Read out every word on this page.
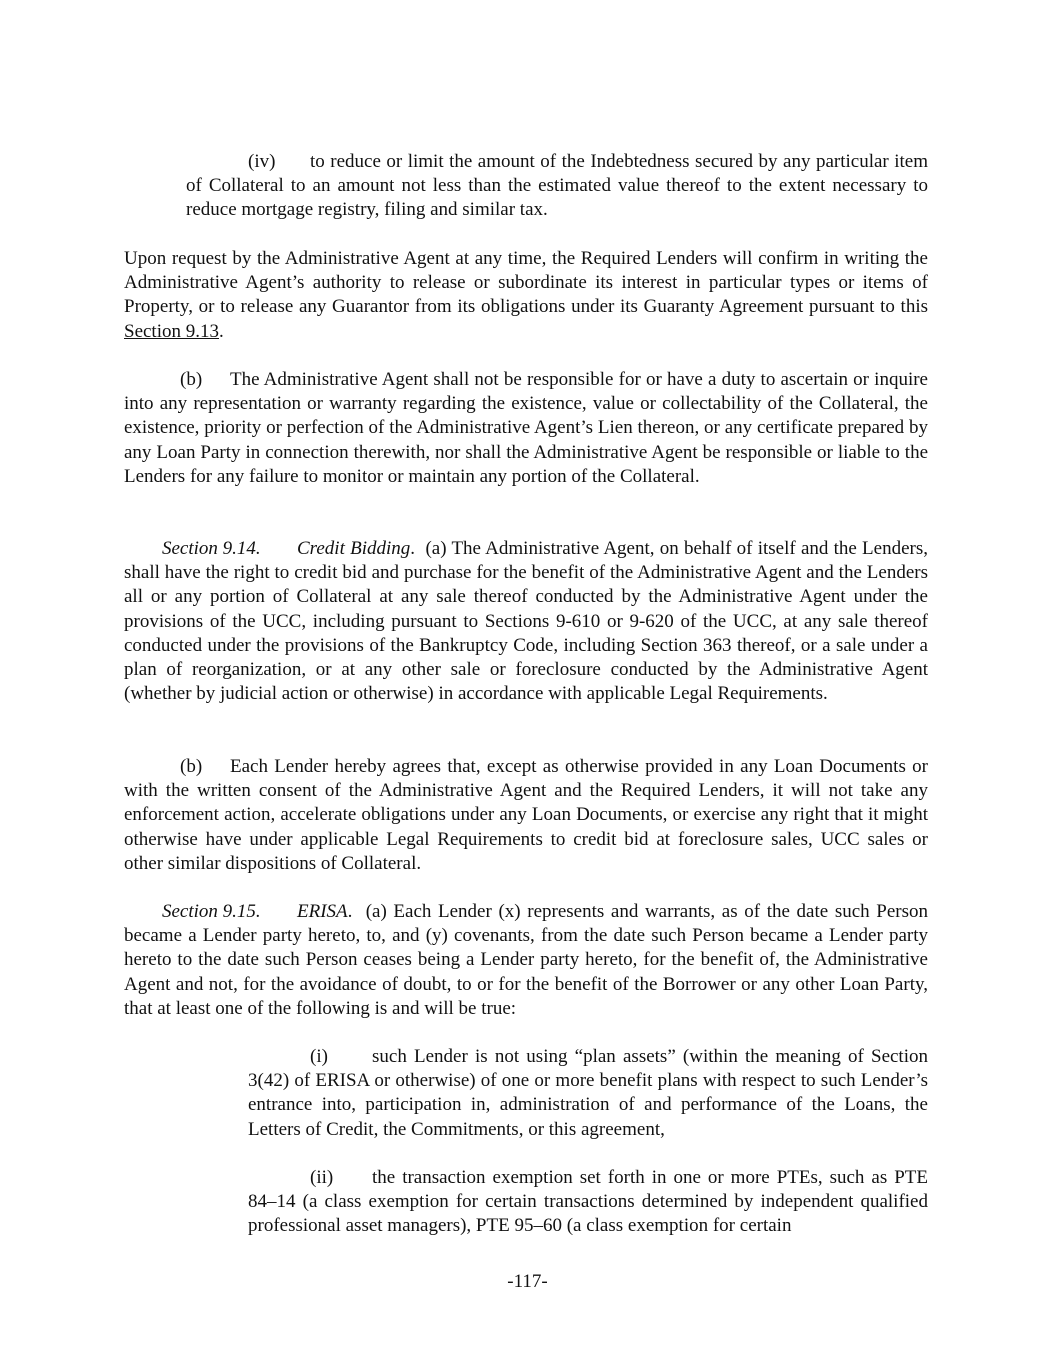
(iv) to reduce or limit the amount of the Indebtedness secured by any particular item of Collateral to an amount not less than the estimated value thereof to the extent necessary to reduce mortgage registry, filing and similar tax.

Upon request by the Administrative Agent at any time, the Required Lenders will confirm in writing the Administrative Agent’s authority to release or subordinate its interest in particular types or items of Property, or to release any Guarantor from its obligations under its Guaranty Agreement pursuant to this Section 9.13.

(b) The Administrative Agent shall not be responsible for or have a duty to ascertain or inquire into any representation or warranty regarding the existence, value or collectability of the Collateral, the existence, priority or perfection of the Administrative Agent’s Lien thereon, or any certificate prepared by any Loan Party in connection therewith, nor shall the Administrative Agent be responsible or liable to the Lenders for any failure to monitor or maintain any portion of the Collateral.

Section 9.14. Credit Bidding.  (a) The Administrative Agent, on behalf of itself and the Lenders, shall have the right to credit bid and purchase for the benefit of the Administrative Agent and the Lenders all or any portion of Collateral at any sale thereof conducted by the Administrative Agent under the provisions of the UCC, including pursuant to Sections 9-610 or 9-620 of the UCC, at any sale thereof conducted under the provisions of the Bankruptcy Code, including Section 363 thereof, or a sale under a plan of reorganization, or at any other sale or foreclosure conducted by the Administrative Agent (whether by judicial action or otherwise) in accordance with applicable Legal Requirements.

(b) Each Lender hereby agrees that, except as otherwise provided in any Loan Documents or with the written consent of the Administrative Agent and the Required Lenders, it will not take any enforcement action, accelerate obligations under any Loan Documents, or exercise any right that it might otherwise have under applicable Legal Requirements to credit bid at foreclosure sales, UCC sales or other similar dispositions of Collateral.

Section 9.15. ERISA.  (a) Each Lender (x) represents and warrants, as of the date such Person became a Lender party hereto, to, and (y) covenants, from the date such Person became a Lender party hereto to the date such Person ceases being a Lender party hereto, for the benefit of, the Administrative Agent and not, for the avoidance of doubt, to or for the benefit of the Borrower or any other Loan Party, that at least one of the following is and will be true:

(i) such Lender is not using “plan assets” (within the meaning of Section 3(42) of ERISA or otherwise) of one or more benefit plans with respect to such Lender’s entrance into, participation in, administration of and performance of the Loans, the Letters of Credit, the Commitments, or this agreement,

(ii) the transaction exemption set forth in one or more PTEs, such as PTE 84–14 (a class exemption for certain transactions determined by independent qualified professional asset managers), PTE 95–60 (a class exemption for certain

-117-
